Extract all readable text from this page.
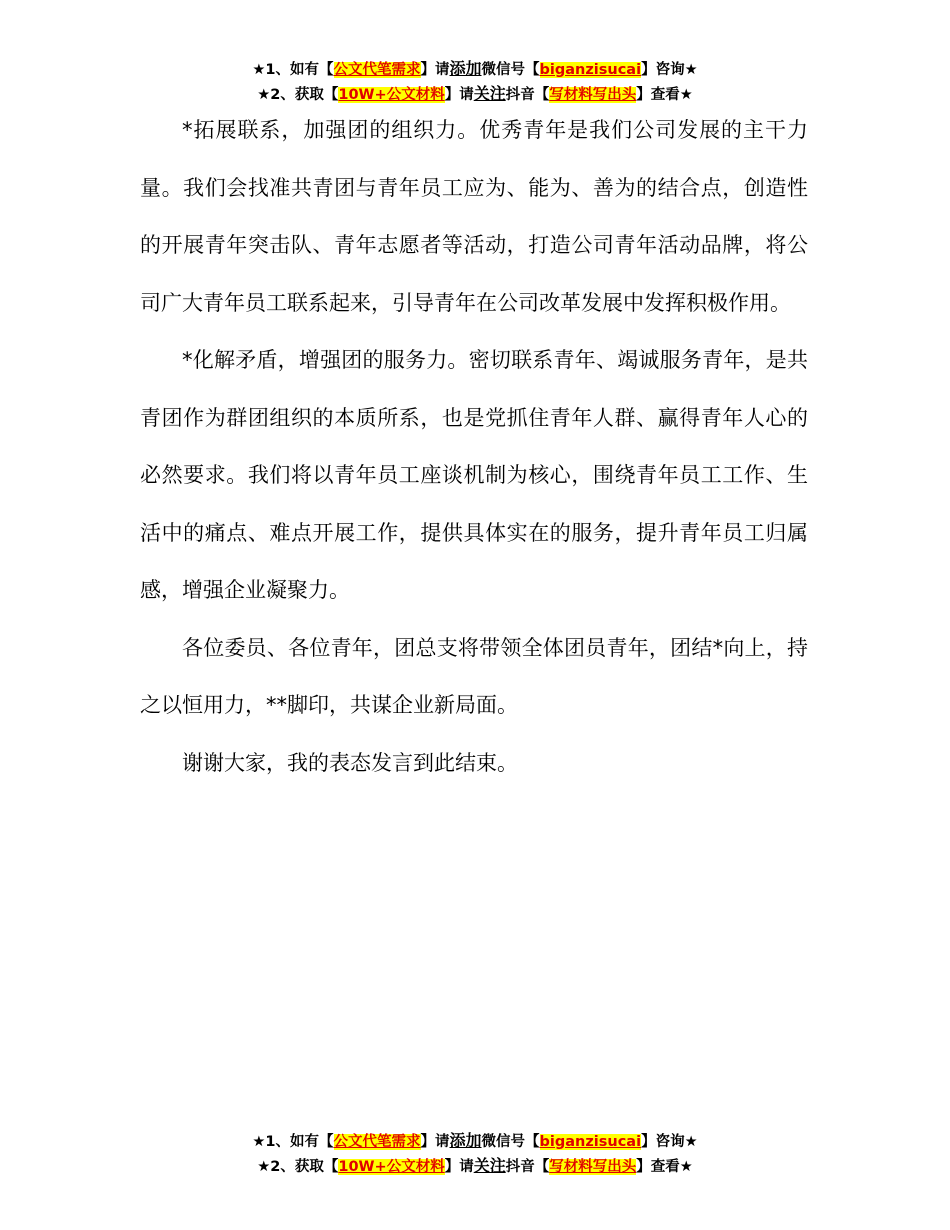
★1、如有【公文代笔需求】请添加微信号【biganzisucai】咨询★
★2、获取【10W+公文材料】请关注抖音【写材料写出头】查看★

*拓展联系，加强团的组织力。优秀青年是我们公司发展的主干力量。我们会找准共青团与青年员工应为、能为、善为的结合点，创造性的开展青年突击队、青年志愿者等活动，打造公司青年活动品牌，将公司广大青年员工联系起来，引导青年在公司改革发展中发挥积极作用。

*化解矛盾，增强团的服务力。密切联系青年、竭诚服务青年，是共青团作为群团组织的本质所系，也是党抓住青年人群、赢得青年人心的必然要求。我们将以青年员工座谈机制为核心，围绕青年员工工作、生活中的痛点、难点开展工作，提供具体实在的服务，提升青年员工归属感，增强企业凝聚力。

各位委员、各位青年，团总支将带领全体团员青年，团结*向上，持之以恒用力，**脚印，共谋企业新局面。

谢谢大家，我的表态发言到此结束。

★1、如有【公文代笔需求】请添加微信号【biganzisucai】咨询★
★2、获取【10W+公文材料】请关注抖音【写材料写出头】查看★
